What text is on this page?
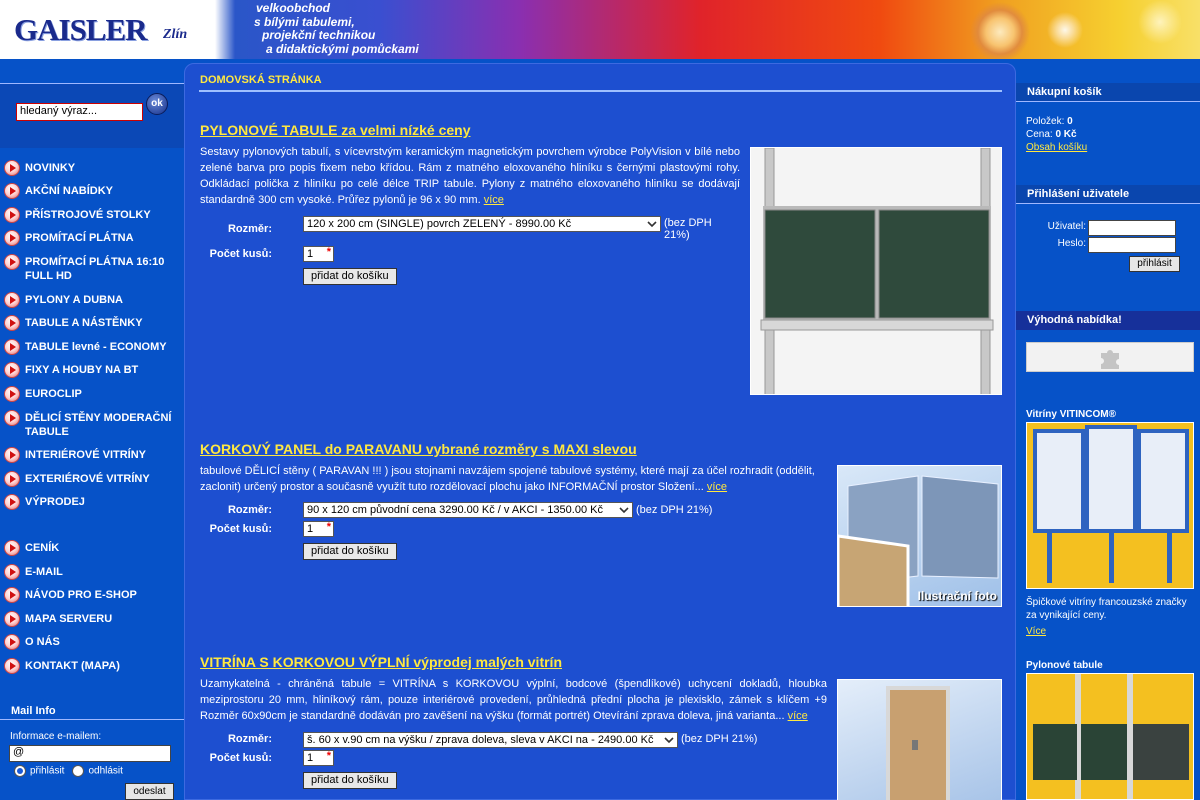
GAISLER Zlín
velkoobchod
s bílými tabulemi,
projekční technikou
a didaktickými pomůckami
hledaný výraz...
ok
NOVINKY
AKČNÍ NABÍDKY
PŘÍSTROJOVÉ STOLKY
PROMÍTACÍ PLÁTNA
PROMÍTACÍ PLÁTNA 16:10 FULL HD
PYLONY A DUBNA
TABULE A NÁSTĚNKY
TABULE levné - ECONOMY
FIXY A HOUBY NA BT
EUROCLIP
DĚLICÍ STĚNY MODERAČNÍ TABULE
INTERIÉROVÉ VITRÍNY
EXTERIÉROVÉ VITRÍNY
VÝPRODEJ
CENÍK
E-MAIL
NÁVOD PRO E-SHOP
MAPA SERVERU
O NÁS
KONTAKT (MAPA)
Mail Info
Informace e-mailem:
@
přihlásit	odhlásit
odeslat
DOMOVSKÁ STRÁNKA
PYLONOVÉ TABULE za velmi nízké ceny
Sestavy pylonových tabulí, s vícevrstvým keramickým magnetickým povrchem výrobce PolyVision v bílé nebo zelené barva pro popis fixem nebo křídou. Rám z matného eloxovaného hliníku s černými plastovými rohy. Odkládací polička z hliníku po celé délce TRIP tabule. Pylony z matného eloxovaného hliníku se dodávají standardně 300 cm vysoké. Průřez pylonů je 96 x 90 mm. více
Rozměr:	120 x 200 cm (SINGLE) povrch ZELENÝ - 8990.00 Kč	(bez DPH 21%)
Počet kusů:	1 *
přidat do košíku
KORKOVÝ PANEL do PARAVANU vybrané rozměry s MAXI slevou
tabulové DĚLICÍ stěny ( PARAVAN !!! ) jsou stojnami navzájem spojené tabulové systémy, které mají za účel rozhradit (oddělit, zaclonit) určený prostor a současně využít tuto rozdělovací plochu jako INFORMAČNÍ prostor Složení... více
Rozměr:	90 x 120 cm původní cena 3290.00 Kč / v AKCI - 1350.00 Kč	(bez DPH 21%)
Počet kusů:	1 *
přidat do košíku
Ilustrační foto
VITRÍNA S KORKOVOU VÝPLNÍ výprodej malých vitrín
Uzamykatelná - chráněná tabule = VITRÍNA s KORKOVOU výplní, bodcové (špendlíkové) uchycení dokladů, hloubka meziprostoru 20 mm, hliníkový rám, pouze interiérové provedení, průhledná přední plocha je plexisklo, zámek s klíčem +9 Rozměr 60x90cm je standardně dodáván pro zavěšení na výšku (formát portrét) Otevírání zprava doleva, jiná varianta... více
Rozměr:	š. 60 x v.90 cm na výšku / zprava doleva, sleva v AKCI na - 2490.00 Kč	(bez DPH 21%)
Počet kusů:	1 *
přidat do košíku
Nákupní košík
Položek: 0
Cena: 0 Kč
Obsah košíku
Přihlášení uživatele
Výhodná nabídka!
Vitríny VITINCOM®
Špičkové vitríny francouzské značky za vynikající ceny.
Více
Pylonové tabule
Uživatel:
Heslo:
přihlásit
